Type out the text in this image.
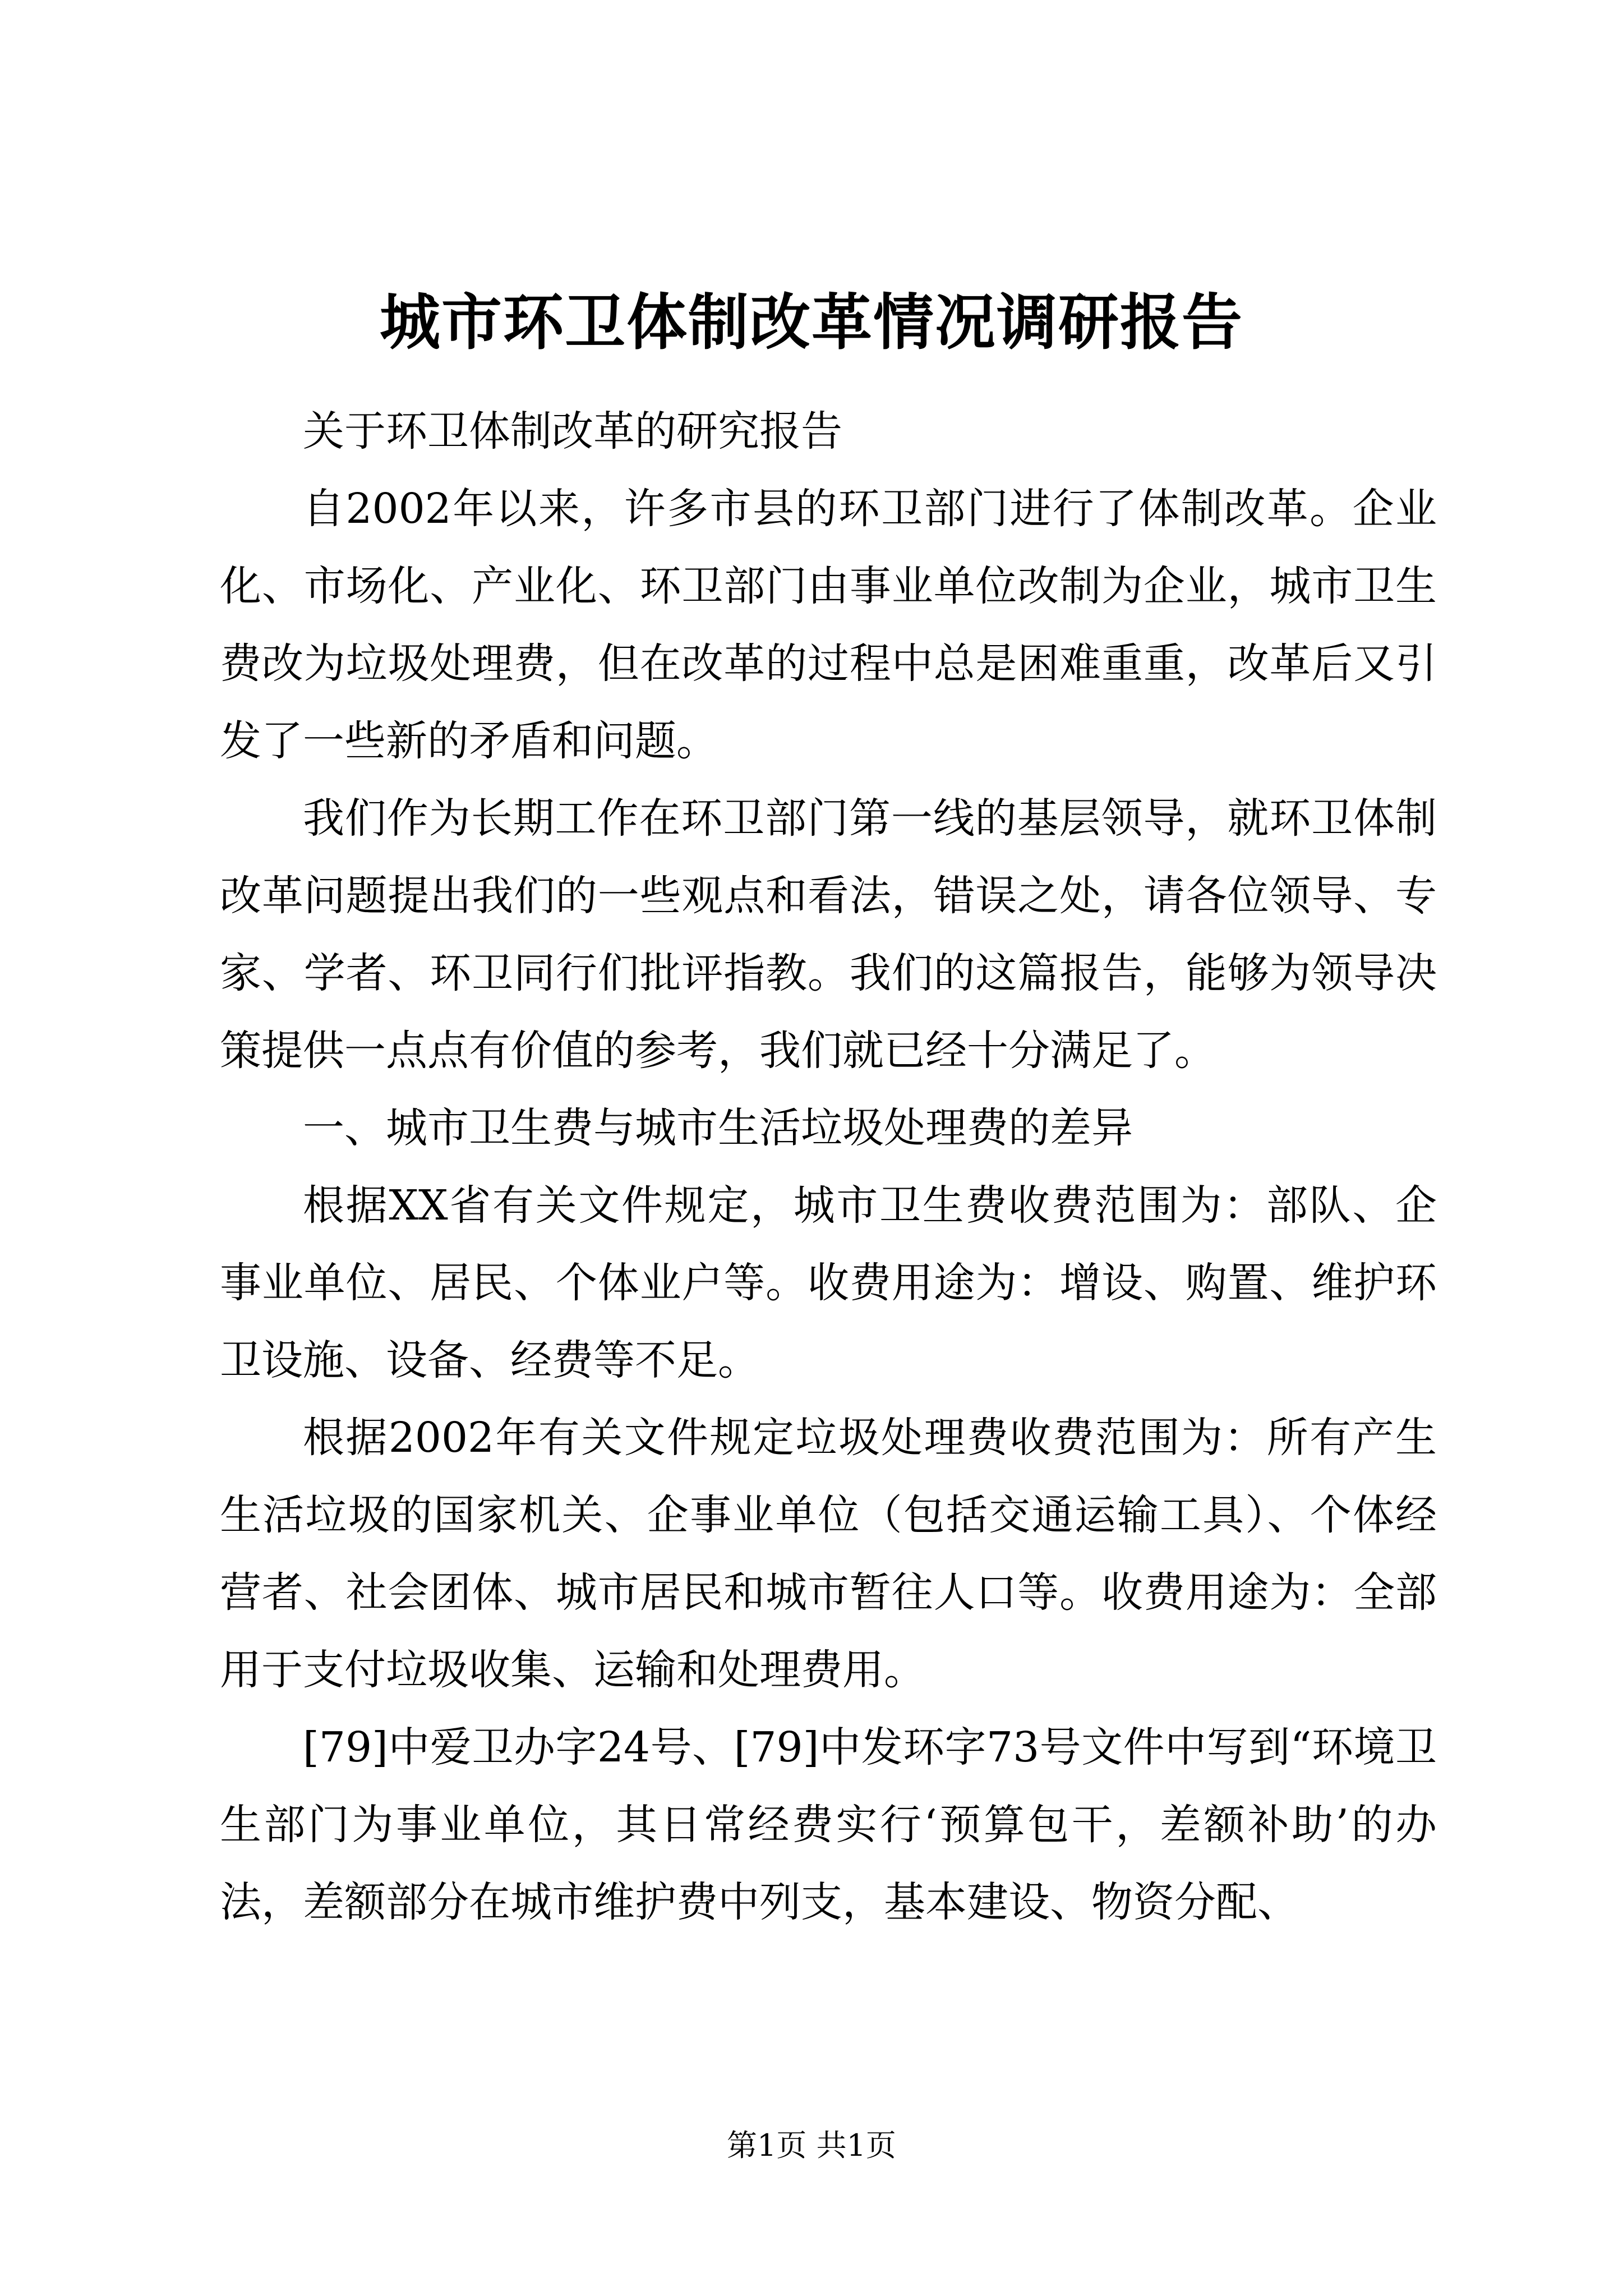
城市环卫体制改革情况调研报告

关于环卫体制改革的研究报告

自2002年以来，许多市县的环卫部门进行了体制改革。企业化、市场化、产业化、环卫部门由事业单位改制为企业，城市卫生费改为垃圾处理费，但在改革的过程中总是困难重重，改革后又引发了一些新的矛盾和问题。

我们作为长期工作在环卫部门第一线的基层领导，就环卫体制改革问题提出我们的一些观点和看法，错误之处，请各位领导、专家、学者、环卫同行们批评指教。我们的这篇报告，能够为领导决策提供一点点有价值的参考，我们就已经十分满足了。

一、城市卫生费与城市生活垃圾处理费的差异

根据XX省有关文件规定，城市卫生费收费范围为：部队、企事业单位、居民、个体业户等。收费用途为：增设、购置、维护环卫设施、设备、经费等不足。

根据2002年有关文件规定垃圾处理费收费范围为：所有产生生活垃圾的国家机关、企事业单位（包括交通运输工具）、个体经营者、社会团体、城市居民和城市暂往人口等。收费用途为：全部用于支付垃圾收集、运输和处理费用。

[79]中爱卫办字24号、[79]中发环字73号文件中写到“环境卫生部门为事业单位，其日常经费实行‘预算包干，差额补助’的办法，差额部分在城市维护费中列支，基本建设、物资分配、

第1页 共1页
